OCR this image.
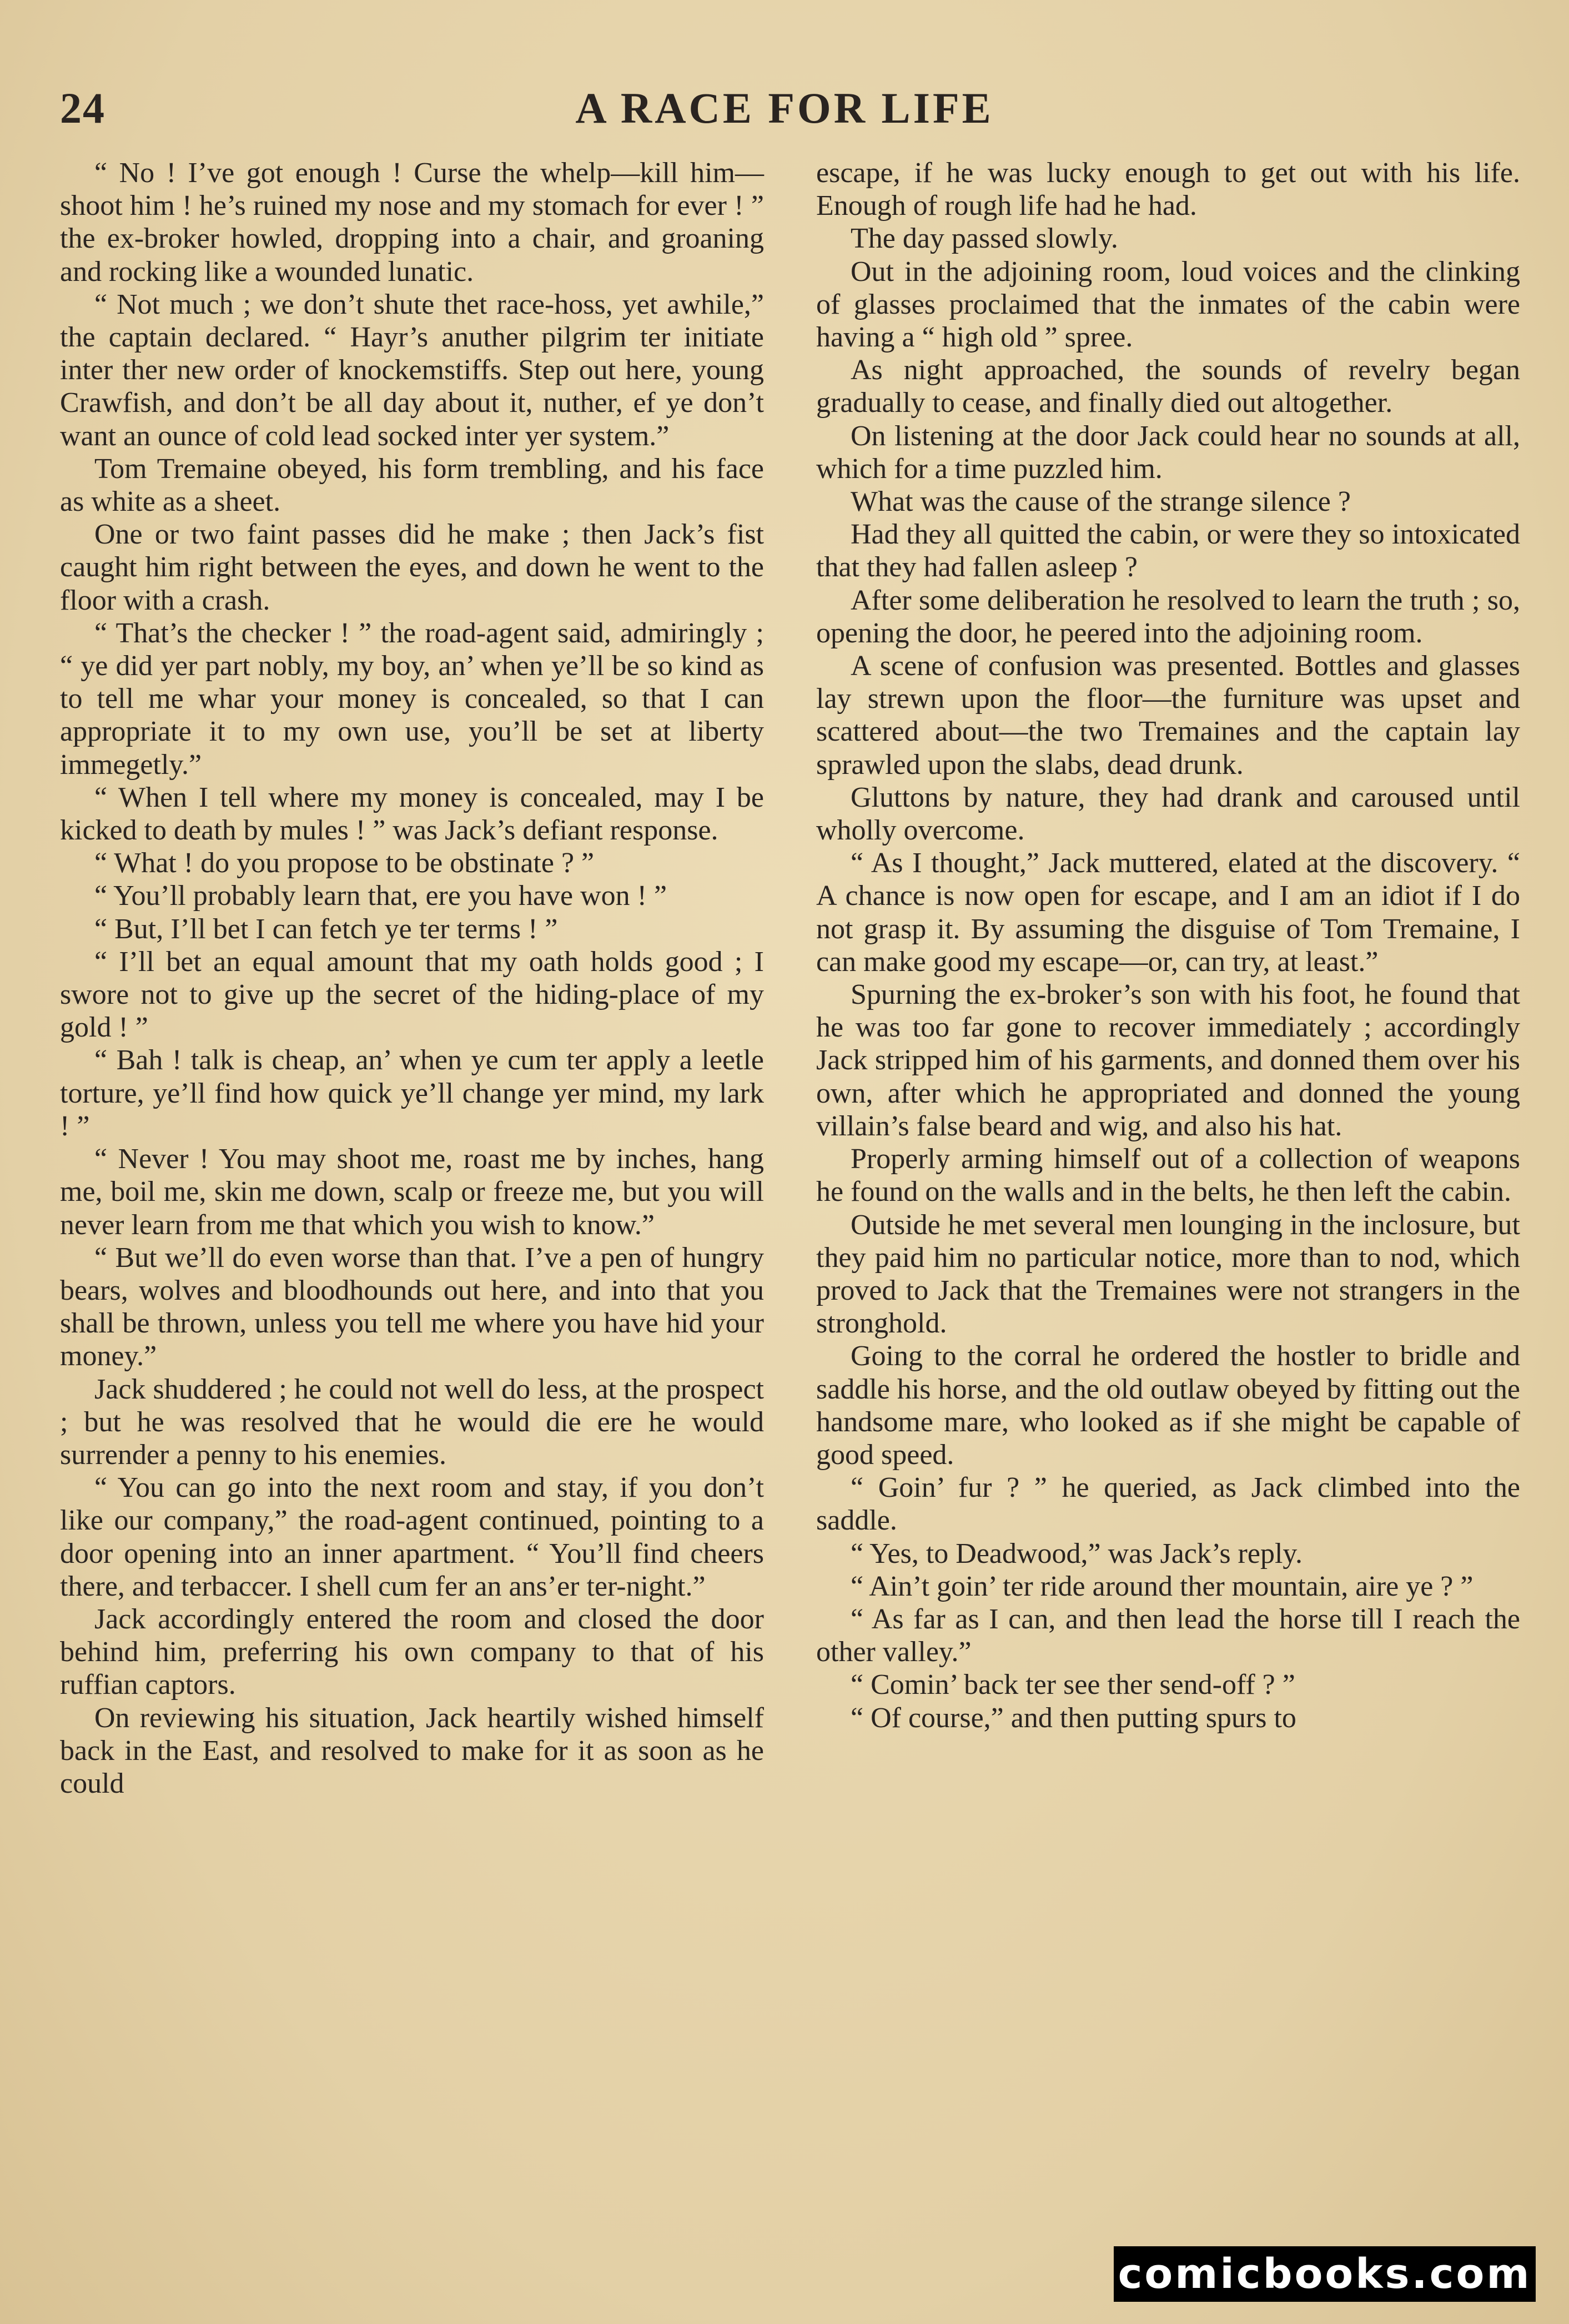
24	A RACE FOR LIFE

“ No ! I’ve got enough ! Curse the whelp—kill him—shoot him ! he’s ruined my nose and my stomach for ever ! ” the ex-broker howled, dropping into a chair, and groaning and rocking like a wounded lunatic.

“ Not much ; we don’t shute thet race-hoss, yet awhile,” the captain declared. “ Hayr’s anuther pilgrim ter initiate inter ther new order of knockemstiffs. Step out here, young Crawfish, and don’t be all day about it, nuther, ef ye don’t want an ounce of cold lead socked inter yer system.”

Tom Tremaine obeyed, his form trembling, and his face as white as a sheet.

One or two faint passes did he make ; then Jack’s fist caught him right between the eyes, and down he went to the floor with a crash.

“ That’s the checker ! ” the road-agent said, admiringly ; “ ye did yer part nobly, my boy, an’ when ye’ll be so kind as to tell me whar your money is concealed, so that I can appropriate it to my own use, you’ll be set at liberty immegetly.”

“ When I tell where my money is concealed, may I be kicked to death by mules ! ” was Jack’s defiant response.

“ What ! do you propose to be obstinate ? ”

“ You’ll probably learn that, ere you have won ! ”

“ But, I’ll bet I can fetch ye ter terms ! ”

“ I’ll bet an equal amount that my oath holds good ; I swore not to give up the secret of the hiding-place of my gold ! ”

“ Bah ! talk is cheap, an’ when ye cum ter apply a leetle torture, ye’ll find how quick ye’ll change yer mind, my lark ! ”

“ Never ! You may shoot me, roast me by inches, hang me, boil me, skin me down, scalp or freeze me, but you will never learn from me that which you wish to know.”

“ But we’ll do even worse than that. I’ve a pen of hungry bears, wolves and bloodhounds out here, and into that you shall be thrown, unless you tell me where you have hid your money.”

Jack shuddered ; he could not well do less, at the prospect ; but he was resolved that he would die ere he would surrender a penny to his enemies.

“ You can go into the next room and stay, if you don’t like our company,” the road-agent continued, pointing to a door opening into an inner apartment. “ You’ll find cheers there, and terbaccer. I shell cum fer an ans’er ter-night.”

Jack accordingly entered the room and closed the door behind him, preferring his own company to that of his ruffian captors.

On reviewing his situation, Jack heartily wished himself back in the East, and resolved to make for it as soon as he could

escape, if he was lucky enough to get out with his life. Enough of rough life had he had.

The day passed slowly.

Out in the adjoining room, loud voices and the clinking of glasses proclaimed that the inmates of the cabin were having a “ high old ” spree.

As night approached, the sounds of revelry began gradually to cease, and finally died out altogether.

On listening at the door Jack could hear no sounds at all, which for a time puzzled him.

What was the cause of the strange silence ?

Had they all quitted the cabin, or were they so intoxicated that they had fallen asleep ?

After some deliberation he resolved to learn the truth ; so, opening the door, he peered into the adjoining room.

A scene of confusion was presented. Bottles and glasses lay strewn upon the floor—the furniture was upset and scattered about—the two Tremaines and the captain lay sprawled upon the slabs, dead drunk.

Gluttons by nature, they had drank and caroused until wholly overcome.

“ As I thought,” Jack muttered, elated at the discovery. “ A chance is now open for escape, and I am an idiot if I do not grasp it. By assuming the disguise of Tom Tremaine, I can make good my escape—or, can try, at least.”

Spurning the ex-broker’s son with his foot, he found that he was too far gone to recover immediately ; accordingly Jack stripped him of his garments, and donned them over his own, after which he appropriated and donned the young villain’s false beard and wig, and also his hat.

Properly arming himself out of a collection of weapons he found on the walls and in the belts, he then left the cabin.

Outside he met several men lounging in the inclosure, but they paid him no particular notice, more than to nod, which proved to Jack that the Tremaines were not strangers in the stronghold.

Going to the corral he ordered the hostler to bridle and saddle his horse, and the old outlaw obeyed by fitting out the handsome mare, who looked as if she might be capable of good speed.

“ Goin’ fur ? ” he queried, as Jack climbed into the saddle.

“ Yes, to Deadwood,” was Jack’s reply.

“ Ain’t goin’ ter ride around ther mountain, aire ye ? ”

“ As far as I can, and then lead the horse till I reach the other valley.”

“ Comin’ back ter see ther send-off ? ”

“ Of course,” and then putting spurs to

comicbooks.com
